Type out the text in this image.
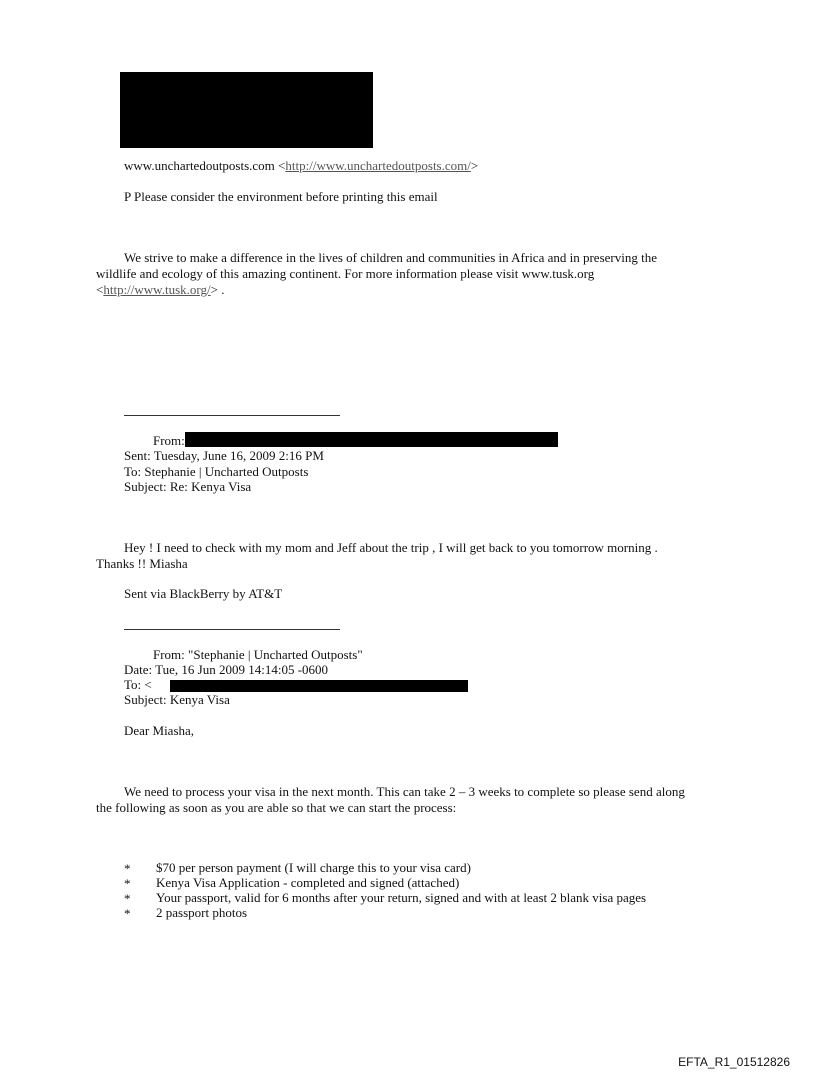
www.unchartedoutposts.com <http://www.unchartedoutposts.com/>
P Please consider the environment before printing this email
We strive to make a difference in the lives of children and communities in Africa and in preserving the
wildlife and ecology of this amazing continent. For more information please visit www.tusk.org
<http://www.tusk.org/> .
From:
Sent: Tuesday, June 16, 2009 2:16 PM
To: Stephanie | Uncharted Outposts
Subject: Re: Kenya Visa
Hey ! I need to check with my mom and Jeff about the trip , I will get back to you tomorrow morning .
Thanks !! Miasha
Sent via BlackBerry by AT&T
From: "Stephanie | Uncharted Outposts"
Date: Tue, 16 Jun 2009 14:14:05 -0600
To: <
Subject: Kenya Visa
Dear Miasha,
We need to process your visa in the next month. This can take 2 – 3 weeks to complete so please send along
the following as soon as you are able so that we can start the process:
* $70 per person payment (I will charge this to your visa card)
* Kenya Visa Application - completed and signed (attached)
* Your passport, valid for 6 months after your return, signed and with at least 2 blank visa pages
* 2 passport photos
EFTA_R1_01512826
